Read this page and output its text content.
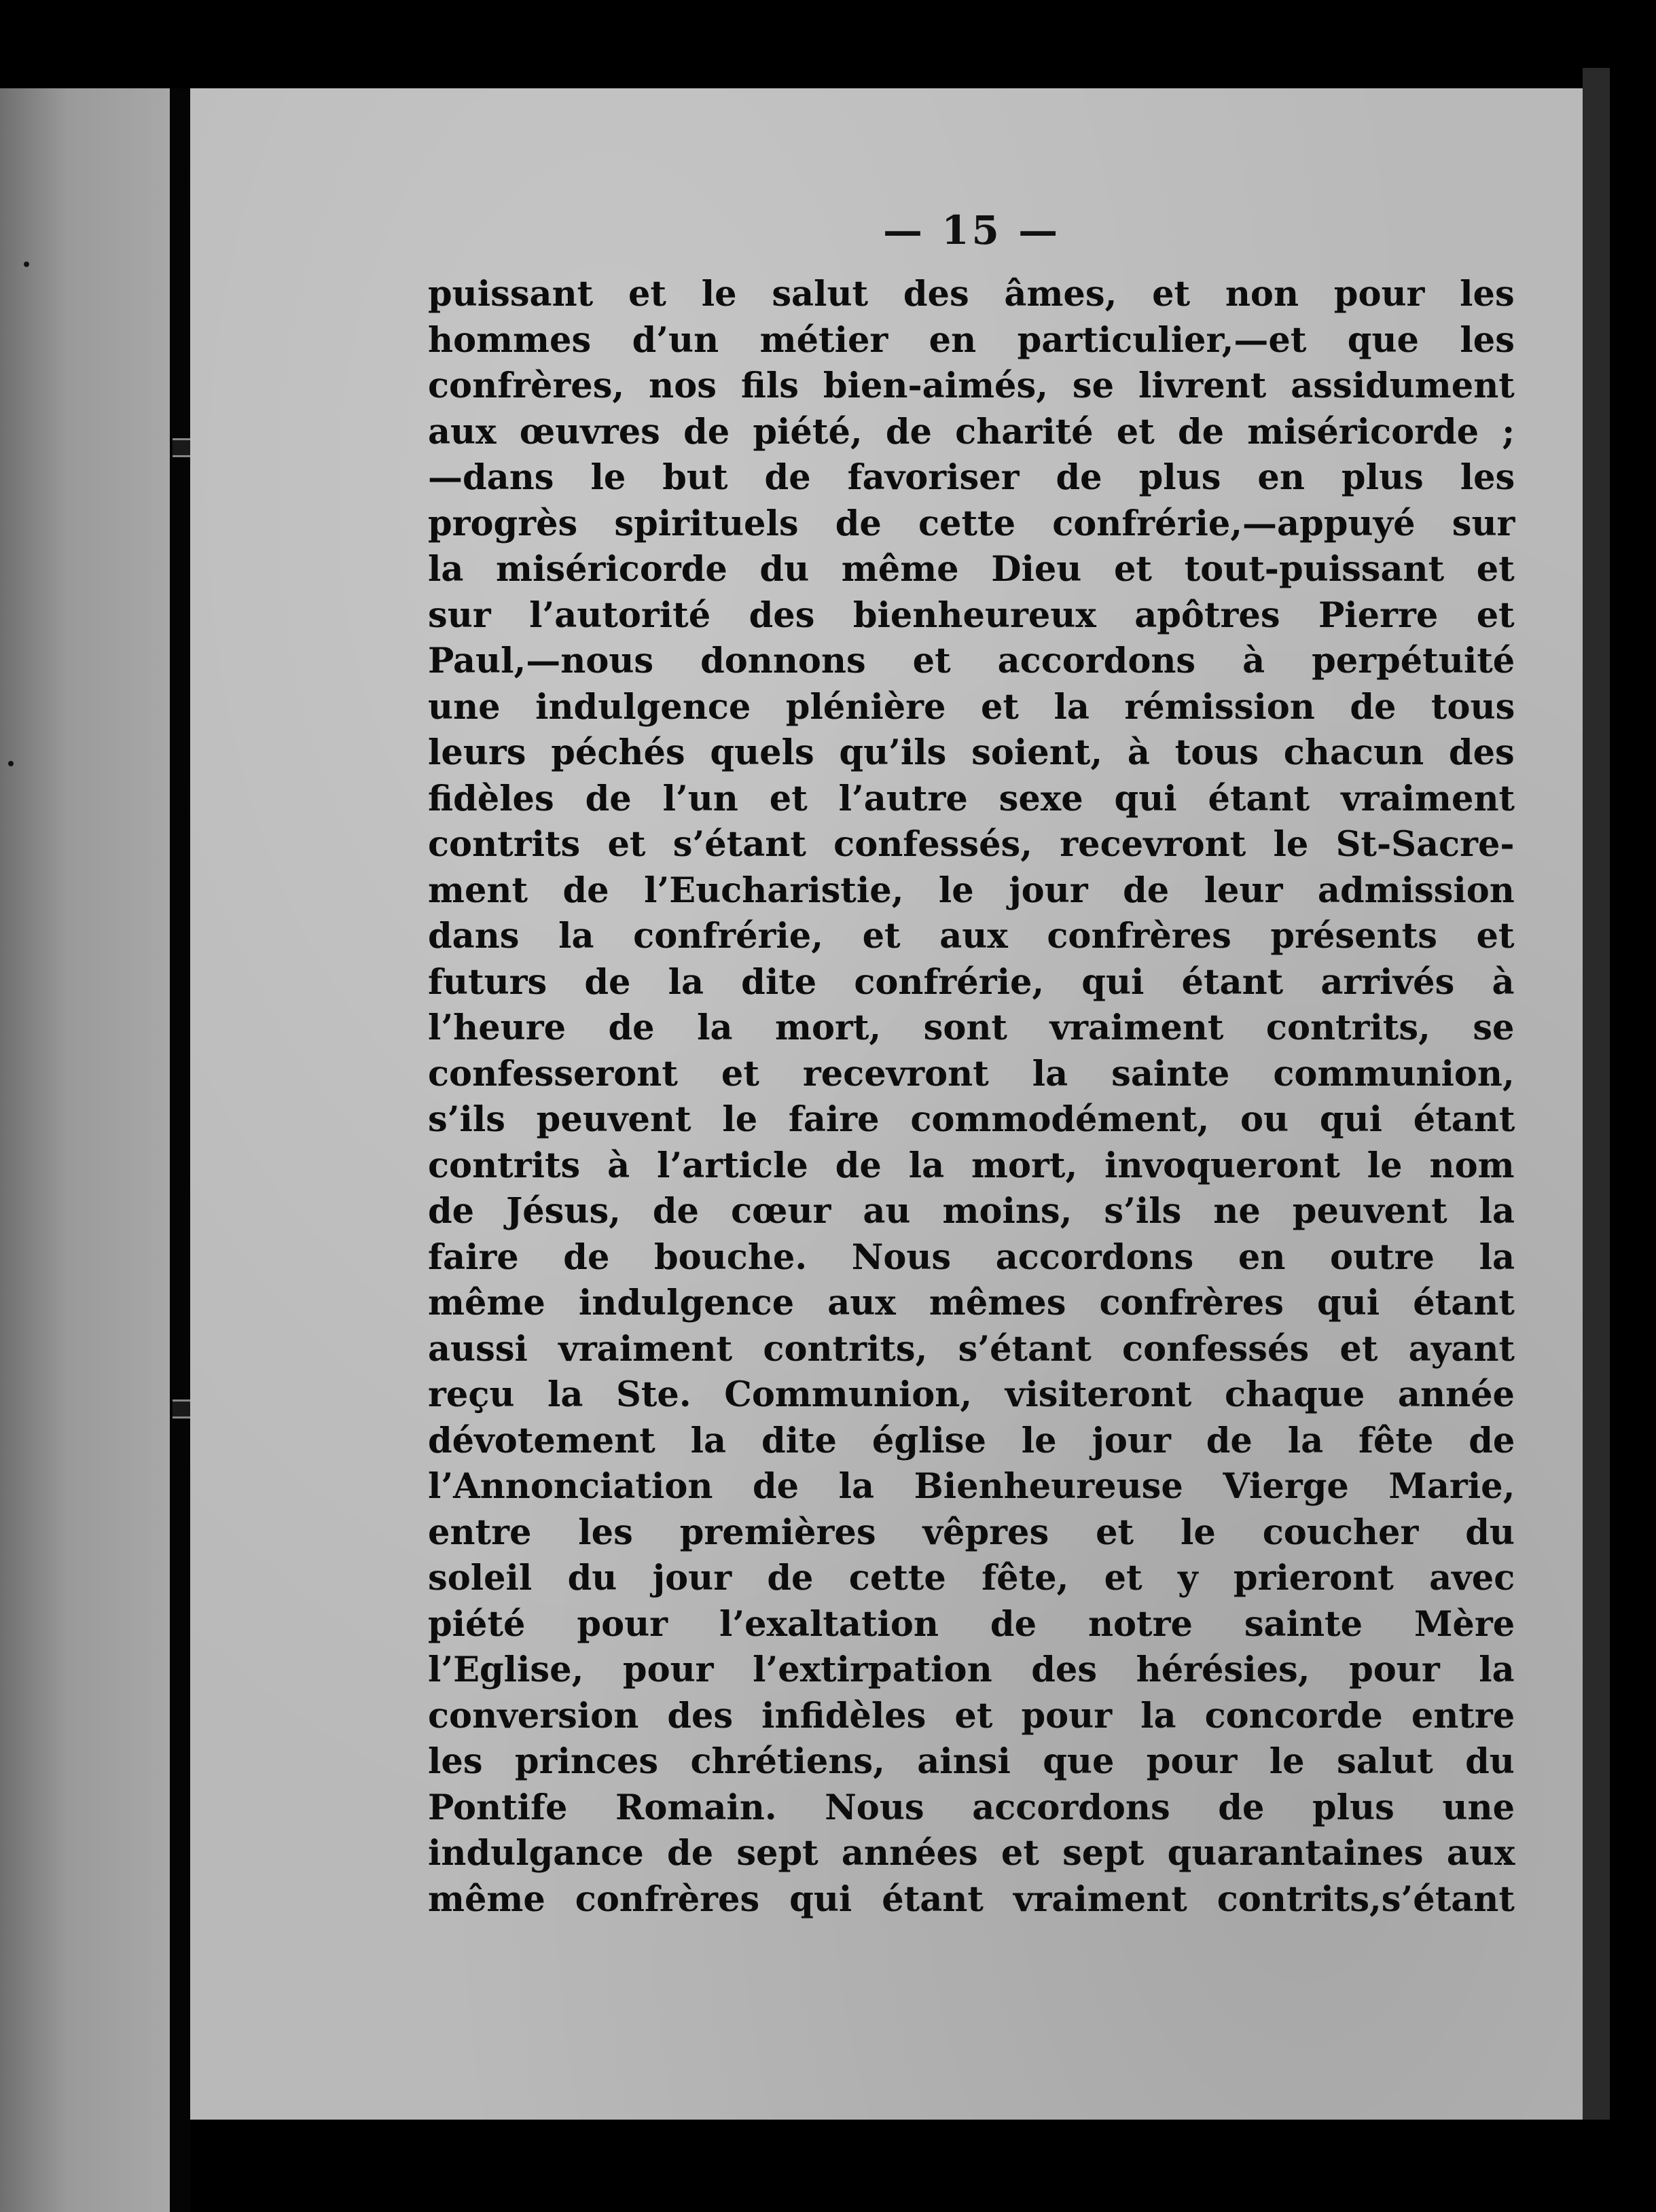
— 15 —
puissant et le salut des âmes, et non pour les
hommes d’un métier en particulier,—et que les
confrères, nos fils bien-aimés, se livrent assidument
aux œuvres de piété, de charité et de miséricorde ;
—dans le but de favoriser de plus en plus les
progrès spirituels de cette confrérie,—appuyé sur
la miséricorde du même Dieu et tout-puissant et
sur l’autorité des bienheureux apôtres Pierre et
Paul,—nous donnons et accordons à perpétuité
une indulgence plénière et la rémission de tous
leurs péchés quels qu’ils soient, à tous chacun des
fidèles de l’un et l’autre sexe qui étant vraiment
contrits et s’étant confessés, recevront le St-Sacre-
ment de l’Eucharistie, le jour de leur admission
dans la confrérie, et aux confrères présents et
futurs de la dite confrérie, qui étant arrivés à
l’heure de la mort, sont vraiment contrits, se
confesseront et recevront la sainte communion,
s’ils peuvent le faire commodément, ou qui étant
contrits à l’article de la mort, invoqueront le nom
de Jésus, de cœur au moins, s’ils ne peuvent la
faire de bouche. Nous accordons en outre la
même indulgence aux mêmes confrères qui étant
aussi vraiment contrits, s’étant confessés et ayant
reçu la Ste. Communion, visiteront chaque année
dévotement la dite église le jour de la fête de
l’Annonciation de la Bienheureuse Vierge Marie,
entre les premières vêpres et le coucher du
soleil du jour de cette fête, et y prieront avec
piété pour l’exaltation de notre sainte Mère
l’Eglise, pour l’extirpation des hérésies, pour la
conversion des infidèles et pour la concorde entre
les princes chrétiens, ainsi que pour le salut du
Pontife Romain. Nous accordons de plus une
indulgance de sept années et sept quarantaines aux
même confrères qui étant vraiment contrits,s’étant
